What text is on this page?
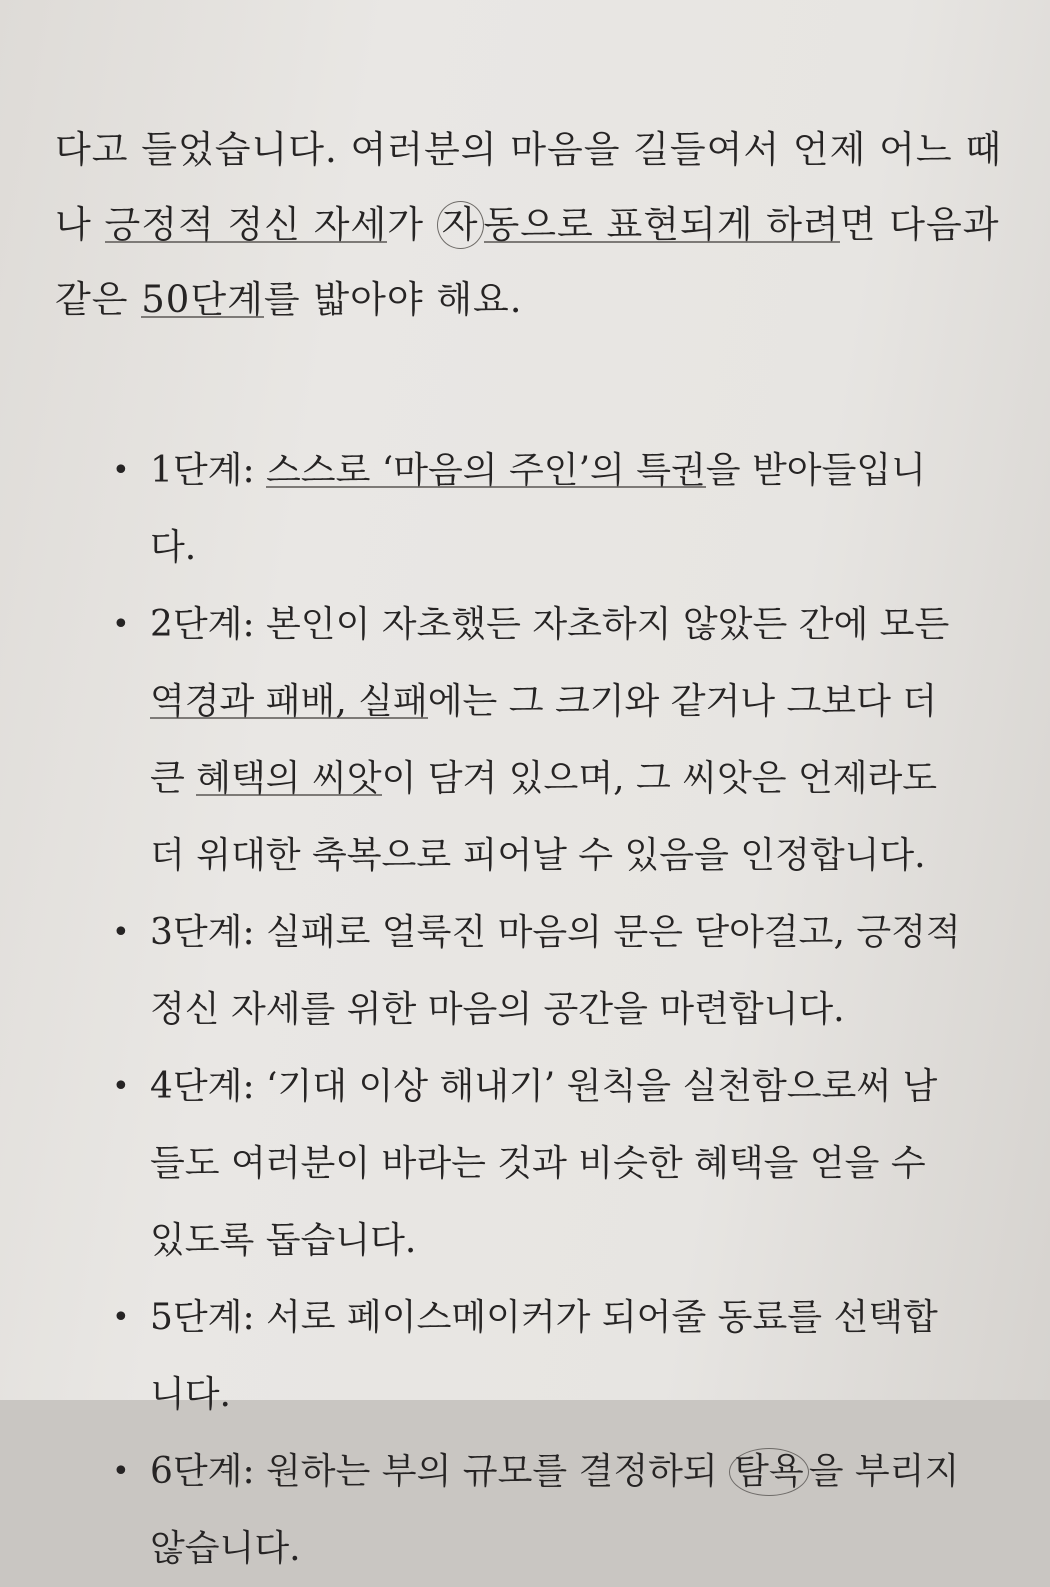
다고 들었습니다. 여러분의 마음을 길들여서 언제 어느 때
나 긍정적 정신 자세가 자 동으로 표현되게 하려면 다음과
같은 50단계를 밟아야 해요.
• 1단계: 스스로 ‘마음의 주인’의 특권을 받아들입니다.
• 2단계: 본인이 자초했든 자초하지 않았든 간에 모든 역경과 패배, 실패에는 그 크기와 같거나 그보다 더 큰 혜택의 씨앗이 담겨 있으며, 그 씨앗은 언제라도 더 위대한 축복으로 피어날 수 있음을 인정합니다.
• 3단계: 실패로 얼룩진 마음의 문은 닫아걸고, 긍정적 정신 자세를 위한 마음의 공간을 마련합니다.
• 4단계: ‘기대 이상 해내기’ 원칙을 실천함으로써 남들도 여러분이 바라는 것과 비슷한 혜택을 얻을 수 있도록 돕습니다.
• 5단계: 서로 페이스메이커가 되어줄 동료를 선택합니다.
• 6단계: 원하는 부의 규모를 결정하되 탐욕 을 부리지 않습니다.
